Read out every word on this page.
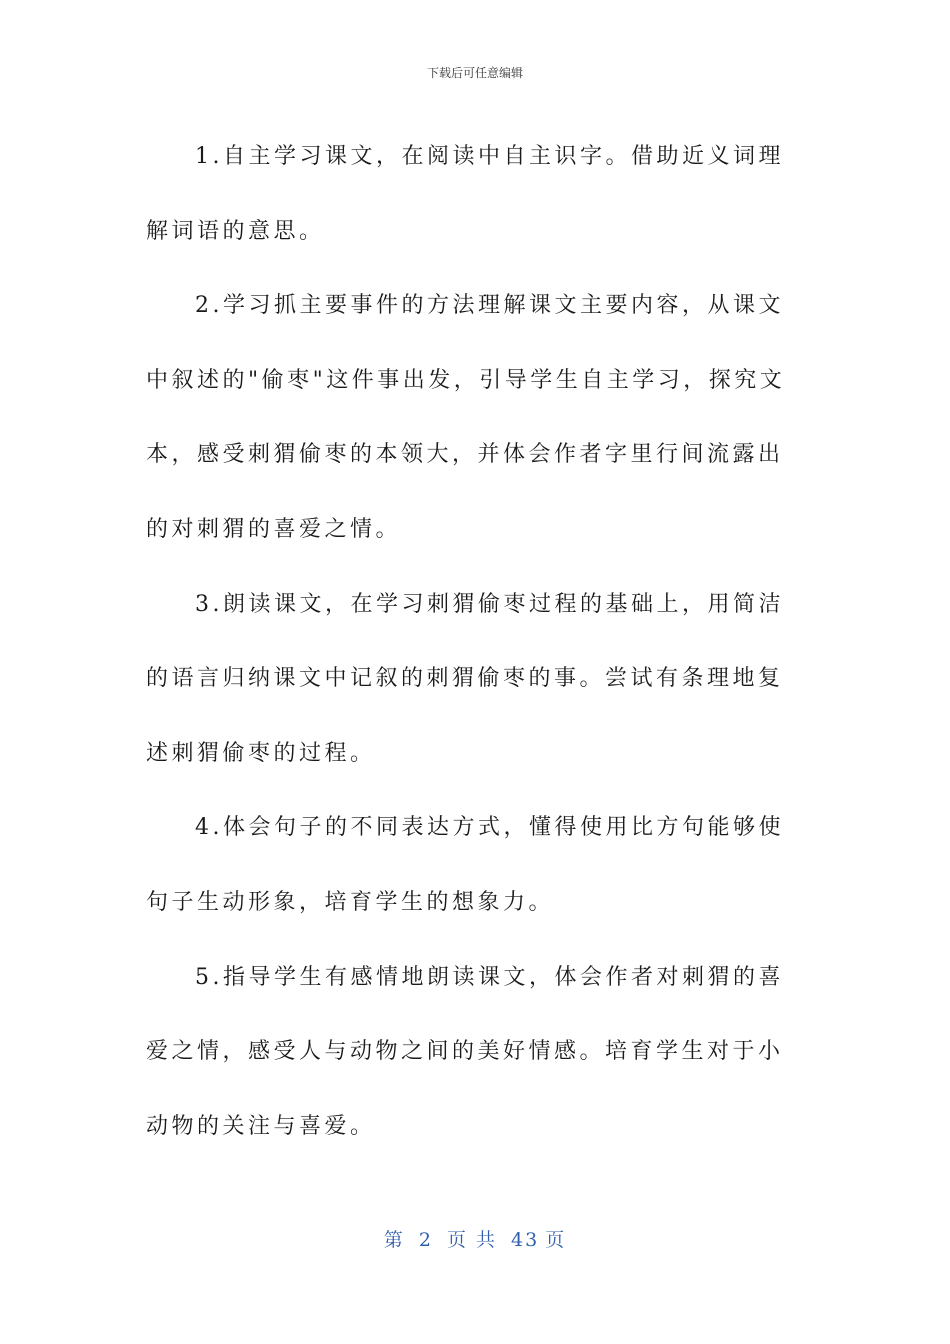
下载后可任意编辑

1.自主学习课文，在阅读中自主识字。借助近义词理解词语的意思。

2.学习抓主要事件的方法理解课文主要内容，从课文中叙述的"偷枣"这件事出发，引导学生自主学习，探究文本，感受刺猬偷枣的本领大，并体会作者字里行间流露出的对刺猬的喜爱之情。

3.朗读课文，在学习刺猬偷枣过程的基础上，用简洁的语言归纳课文中记叙的刺猬偷枣的事。尝试有条理地复述刺猬偷枣的过程。

4.体会句子的不同表达方式，懂得使用比方句能够使句子生动形象，培育学生的想象力。

5.指导学生有感情地朗读课文，体会作者对刺猬的喜爱之情，感受人与动物之间的美好情感。培育学生对于小动物的关注与喜爱。

第 2 页 共 43 页
